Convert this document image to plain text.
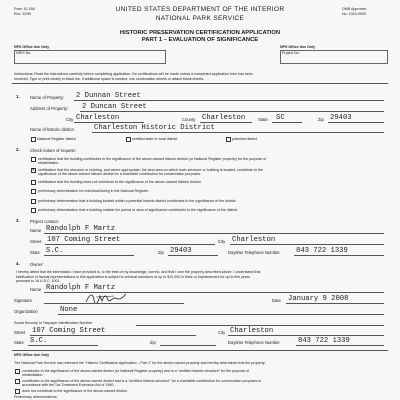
Form 10-168
Rev. 12/90
UNITED STATES DEPARTMENT OF THE INTERIOR
NATIONAL PARK SERVICE
OMB Approved
No. 1024-0009
HISTORIC PRESERVATION CERTIFICATION APPLICATION
PART 1 – EVALUATION OF SIGNIFICANCE
NPS Office Use Only
NRIS No.
NPS Office Use Only
Project No.
Instructions: Read the instructions carefully before completing application. No certifications will be made unless a completed application form has been
received. Type or print clearly in black ink. If additional space is needed, use continuation sheets or attach blank sheets.
1. Name of Property: 2 Dunnan Street
Address of Property: 2 Duncan Street
City Charleston	County Charleston	State SC	Zip 29403
Name of historic district:	Charleston Historic District
National Register district	certified state or local district	potential district
2. Check nature of request:
certification that the building contributes to the significance of the above-named historic district (or National Register property) for the purpose of
rehabilitation.
✕
certification that the structure or building, and where appropriate, the land area on which such structure or building is located, contribute to the
significance of the above-named historic district for a charitable contribution for conservation purposes.
certification that the building does not contribute to the significance of the above-named historic district.
preliminary determination for individual listing in the National Register.
preliminary determination that a building located within a potential historic district contributes to the significance of the district.
preliminary determination that a building outside the period or area of significance contributes to the significance of the district.
3. Project contact:
Name Randolph F Martz
Street 107 Coming Street	City Charleston
State S.C.	Zip 29403	Daytime Telephone Number 843 722 1339
4. Owner:
I hereby attest that the information I have provided is, to the best of my knowledge, correct, and that I own the property described above. I understand that
falsification of factual representations in this application is subject to criminal sanctions of up to $10,000 in fines or imprisonment for up to five years
pursuant to 18 U.S.C. 1001.
Name Randolph F Martz
Signature	Date January 9 2008
Organization	None
Social Security or Taxpayer Identification Number
Street 107 Coming Street	City Charleston
State S.C.	Zip	Daytime Telephone Number	843 722 1339
NPS Office Use Only
The National Park Service has reviewed the “Historic Certification Application – Part 1” for the above-named property and hereby determines that the property:
contributes to the significance of the above-named district (or National Register property) and is a “certified historic structure” for the purpose of
rehabilitation.
contributes to the significance of the above-named district and is a “certified historic structure” for a charitable contribution for conservation purposes in
accordance with the Tax Treatment Extension Act of 1980.
does not contribute to the significance of the above-named district.
Preliminary determinations:
